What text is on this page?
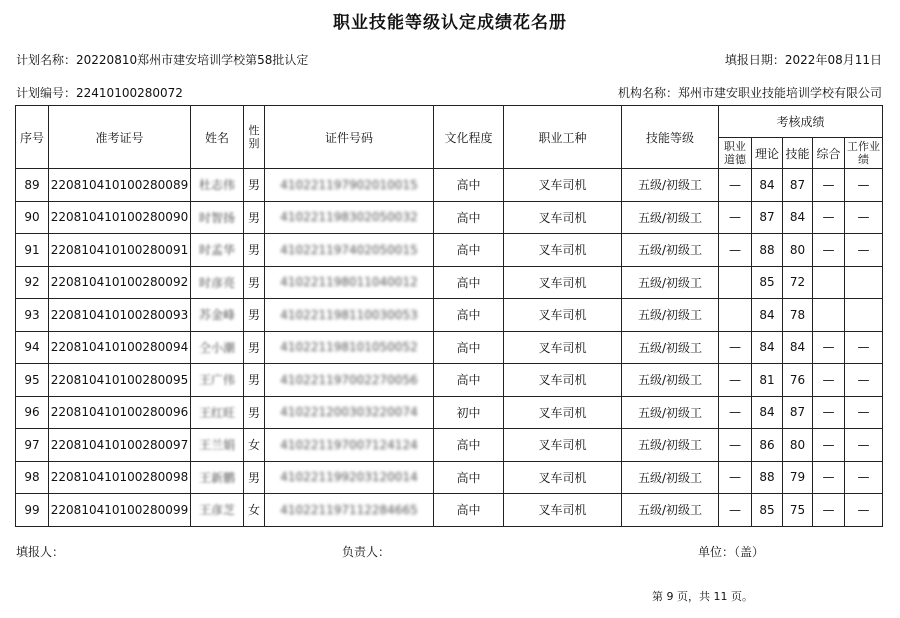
职业技能等级认定成绩花名册
计划名称：20220810郑州市建安培训学校第58批认定	填报日期：2022年08月11日
计划编号：22410100280072	机构名称：郑州市建安职业技能培训学校有限公司
序号	准考证号	姓名	性别	证件号码	文化程度	职业工种	技能等级	考核成绩				
								职业道德	理论	技能	综合	工作业绩
89	220810410100280089	杜志伟	男	410221197902010015	高中	叉车司机	五级/初级工	—	84	87	—	—
90	220810410100280090	时智扬	男	410221198302050032	高中	叉车司机	五级/初级工	—	87	84	—	—
91	220810410100280091	时孟华	男	410221197402050015	高中	叉车司机	五级/初级工	—	88	80	—	—
92	220810410100280092	时彦亮	男	410221198011040012	高中	叉车司机	五级/初级工		85	72		
93	220810410100280093	苏金峰	男	410221198110030053	高中	叉车司机	五级/初级工		84	78		
94	220810410100280094	仝小潮	男	410221198101050052	高中	叉车司机	五级/初级工	—	84	84	—	—
95	220810410100280095	王广伟	男	410221197002270056	高中	叉车司机	五级/初级工	—	81	76	—	—
96	220810410100280096	王红旺	男	410221200303220074	初中	叉车司机	五级/初级工	—	84	87	—	—
97	220810410100280097	王兰娟	女	410221197007124124	高中	叉车司机	五级/初级工	—	86	80	—	—
98	220810410100280098	王新鹏	男	410221199203120014	高中	叉车司机	五级/初级工	—	88	79	—	—
99	220810410100280099	王彦芝	女	410221197112284665	高中	叉车司机	五级/初级工	—	85	75	—	—
填报人：	负责人：	单位：（盖）
第 9 页，共 11 页。
